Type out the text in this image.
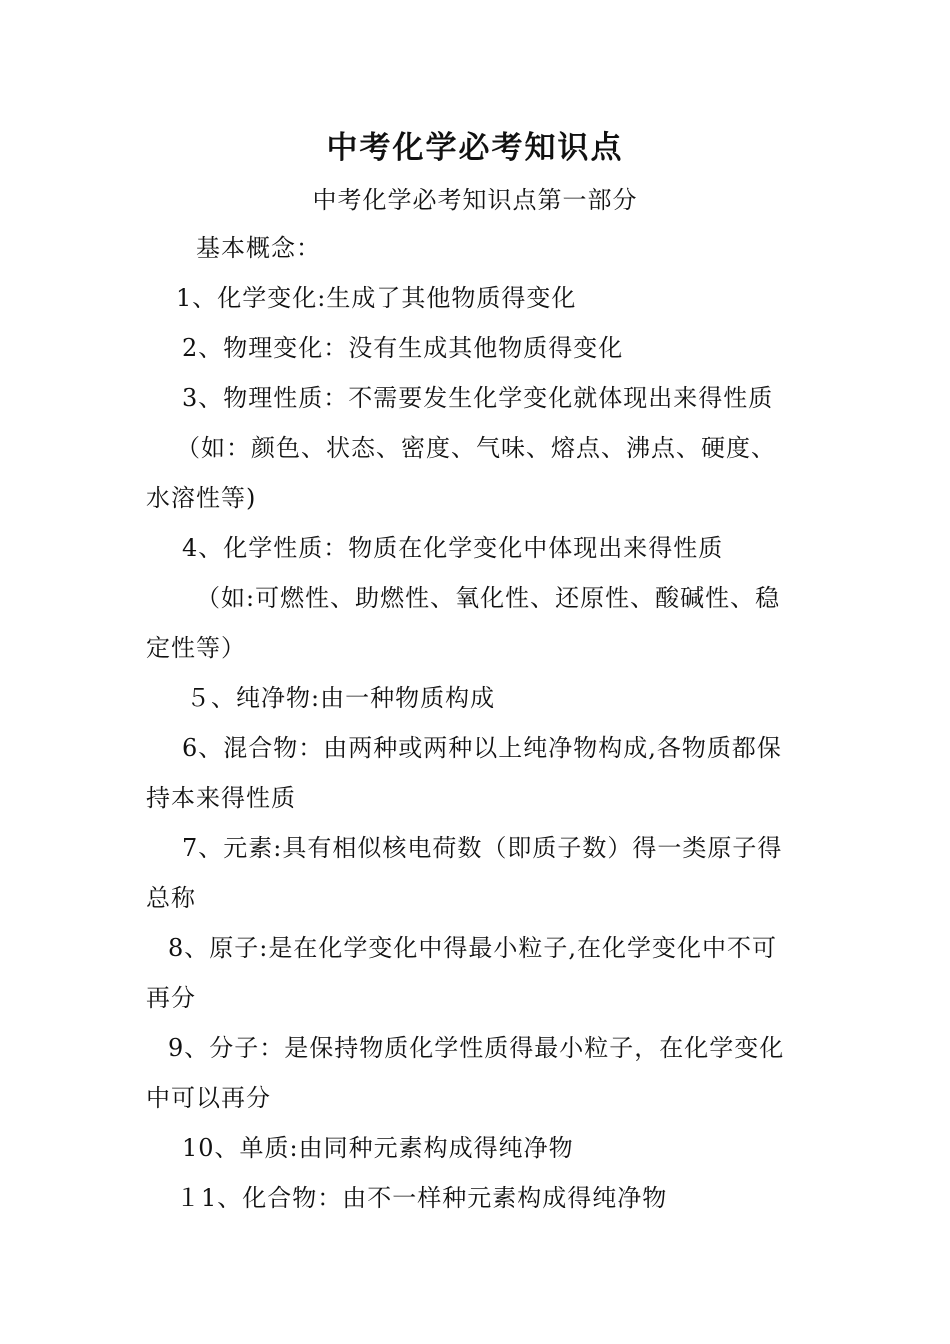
中考化学必考知识点
中考化学必考知识点第一部分
基本概念：
1、化学变化:生成了其他物质得变化
2、物理变化：没有生成其他物质得变化
3、物理性质：不需要发生化学变化就体现出来得性质
（如：颜色、状态、密度、气味、熔点、沸点、硬度、
水溶性等)
4、化学性质：物质在化学变化中体现出来得性质
（如:可燃性、助燃性、氧化性、还原性、酸碱性、稳
定性等）
５、纯净物:由一种物质构成
6、混合物：由两种或两种以上纯净物构成,各物质都保
持本来得性质
7、元素:具有相似核电荷数（即质子数）得一类原子得
总称
8、原子:是在化学变化中得最小粒子,在化学变化中不可
再分
9、分子：是保持物质化学性质得最小粒子，在化学变化
中可以再分
10、单质:由同种元素构成得纯净物
１1、化合物：由不一样种元素构成得纯净物
